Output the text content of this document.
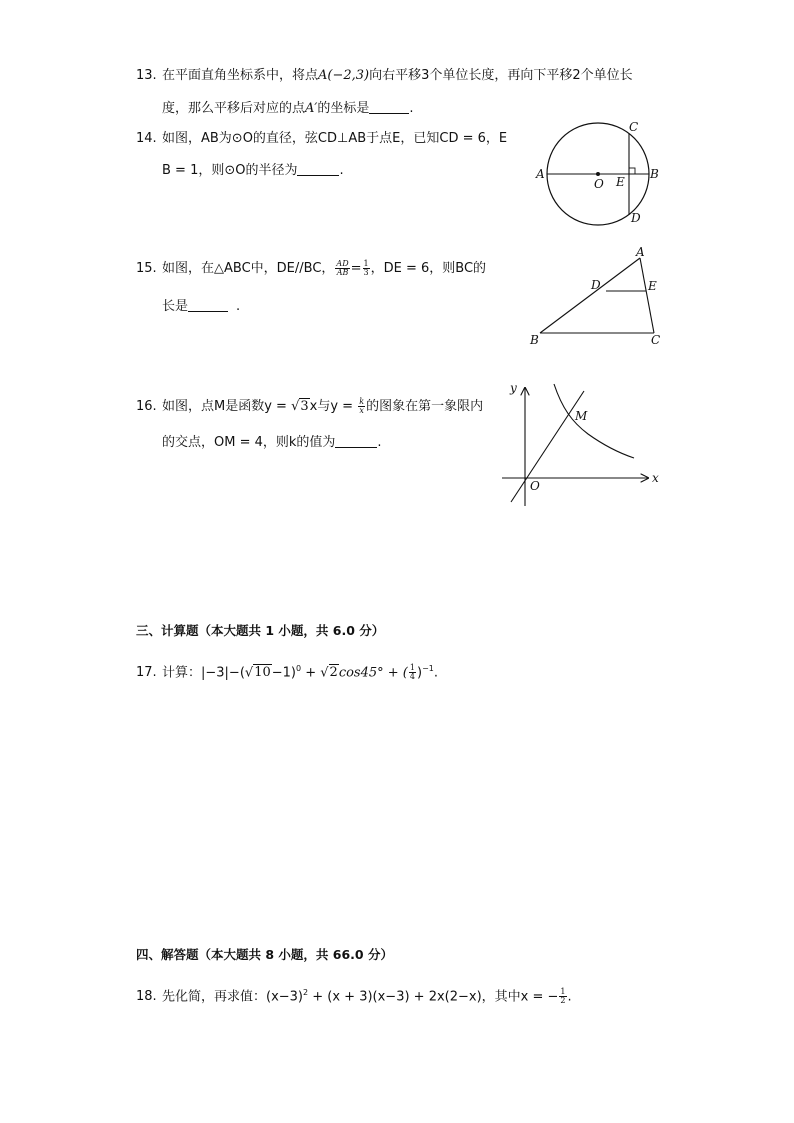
13. 在平面直角坐标系中，将点A(−2,3)向右平移3个单位长度，再向下平移2个单位长
度，那么平移后对应的点A′的坐标是	.
14. 如图，AB为⊙O的直径，弦CD⊥AB于点E，已知CD = 6，E
B = 1，则⊙O的半径为	.	A	B
C
D
E
O
15. 如图，在△ABC中，DE//BC， $\frac{AD}{AB} = \frac{1}{3}$ ，DE = 6，则BC的
长是	.
A
B	C
D	E
16. 如图，点M是函数y = √3x与$y = \frac{k}{x}$ 的图象在第一象限内
的交点，OM = 4，则k的值为	.
x
y
O
M
三、计算题（本大题共 1 小题，共 6.0 分）
17. 计算：$|-3|-(√10-1)^0 + √2\cos 45^\circ$ + ( $\frac{1}{4} )^{-1}$.
四、解答题（本大题共 8 小题，共 66.0 分）
18. 先化简，再求值：$(x-3)^2 + (x + 3)(x-3) + 2x(2-x)$，其中x = − $\frac{1}{2}$ .
